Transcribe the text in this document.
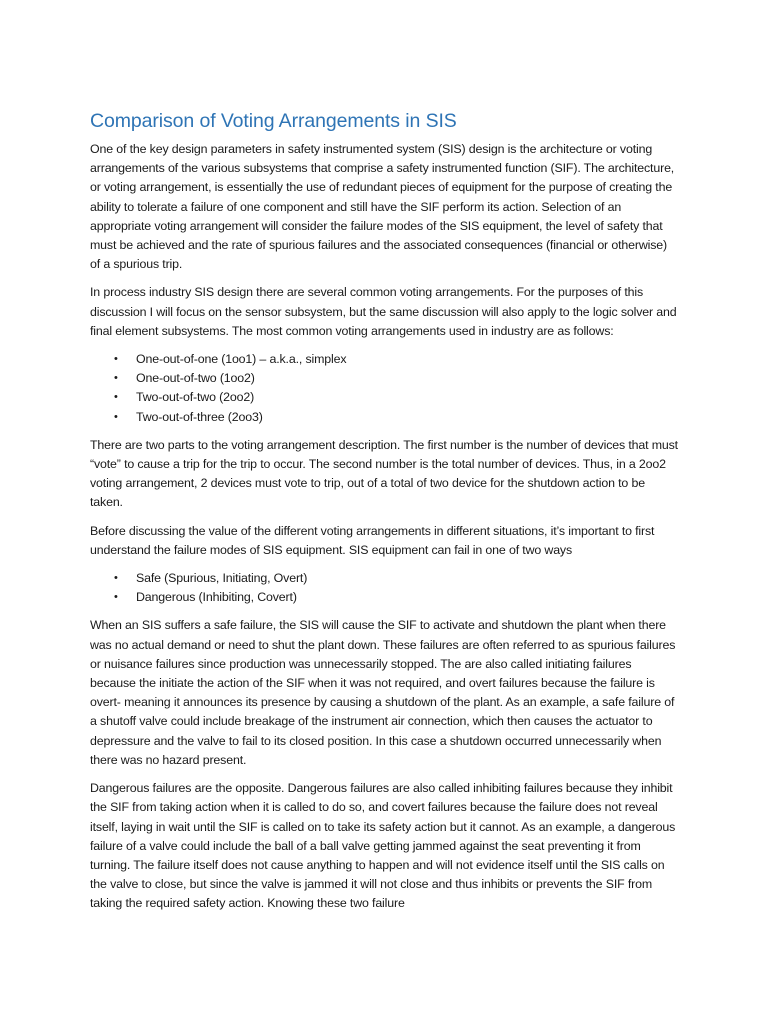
Comparison of Voting Arrangements in SIS

One of the key design parameters in safety instrumented system (SIS) design is the architecture or voting arrangements of the various subsystems that comprise a safety instrumented function (SIF). The architecture, or voting arrangement, is essentially the use of redundant pieces of equipment for the purpose of creating the ability to tolerate a failure of one component and still have the SIF perform its action. Selection of an appropriate voting arrangement will consider the failure modes of the SIS equipment, the level of safety that must be achieved and the rate of spurious failures and the associated consequences (financial or otherwise) of a spurious trip.

In process industry SIS design there are several common voting arrangements. For the purposes of this discussion I will focus on the sensor subsystem, but the same discussion will also apply to the logic solver and final element subsystems. The most common voting arrangements used in industry are as follows:

• One-out-of-one (1oo1) – a.k.a., simplex
• One-out-of-two (1oo2)
• Two-out-of-two (2oo2)
• Two-out-of-three (2oo3)

There are two parts to the voting arrangement description. The first number is the number of devices that must “vote” to cause a trip for the trip to occur. The second number is the total number of devices. Thus, in a 2oo2 voting arrangement, 2 devices must vote to trip, out of a total of two device for the shutdown action to be taken.

Before discussing the value of the different voting arrangements in different situations, it’s important to first understand the failure modes of SIS equipment. SIS equipment can fail in one of two ways

• Safe (Spurious, Initiating, Overt)
• Dangerous (Inhibiting, Covert)

When an SIS suffers a safe failure, the SIS will cause the SIF to activate and shutdown the plant when there was no actual demand or need to shut the plant down. These failures are often referred to as spurious failures or nuisance failures since production was unnecessarily stopped. The are also called initiating failures because the initiate the action of the SIF when it was not required, and overt failures because the failure is overt- meaning it announces its presence by causing a shutdown of the plant. As an example, a safe failure of a shutoff valve could include breakage of the instrument air connection, which then causes the actuator to depressure and the valve to fail to its closed position. In this case a shutdown occurred unnecessarily when there was no hazard present.

Dangerous failures are the opposite. Dangerous failures are also called inhibiting failures because they inhibit the SIF from taking action when it is called to do so, and covert failures because the failure does not reveal itself, laying in wait until the SIF is called on to take its safety action but it cannot. As an example, a dangerous failure of a valve could include the ball of a ball valve getting jammed against the seat preventing it from turning. The failure itself does not cause anything to happen and will not evidence itself until the SIS calls on the valve to close, but since the valve is jammed it will not close and thus inhibits or prevents the SIF from taking the required safety action. Knowing these two failure
